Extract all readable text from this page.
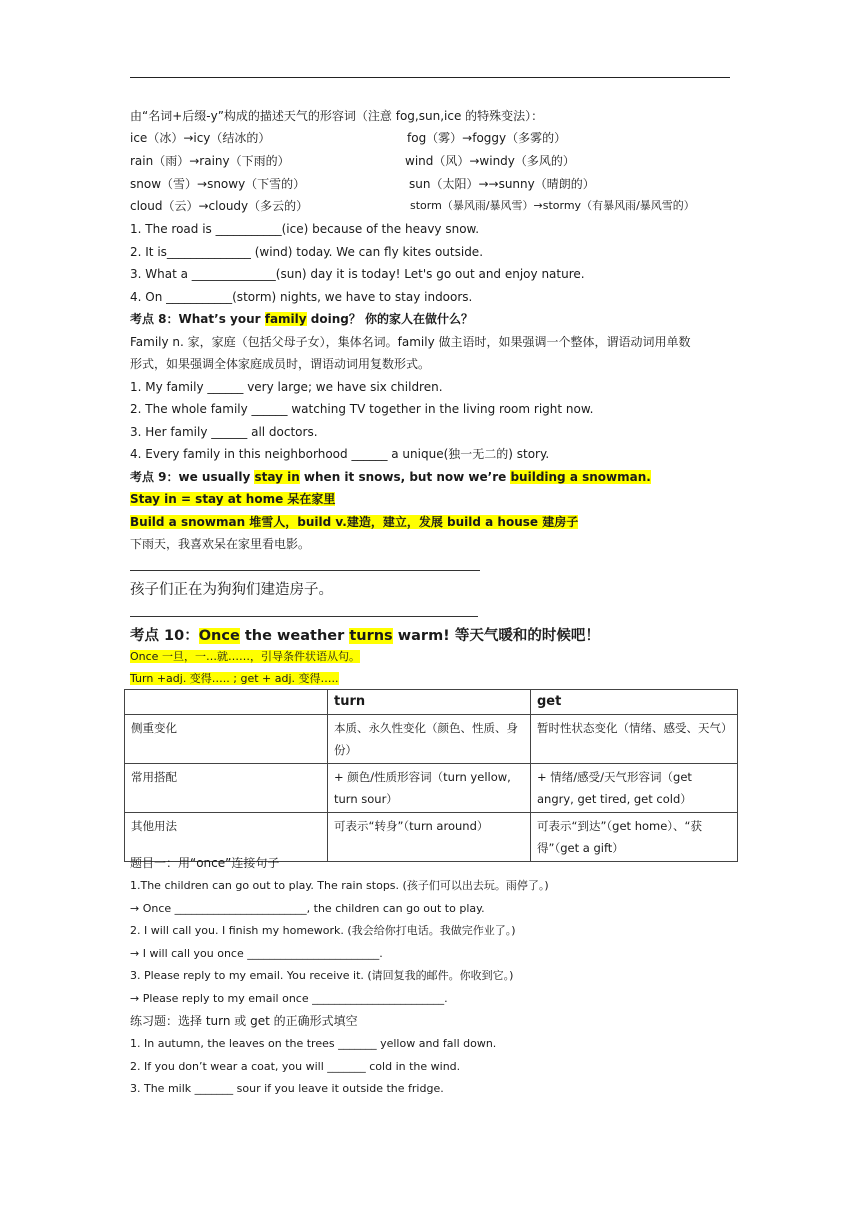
由“名词+后缀-y”构成的描述天气的形容词（注意 fog,sun,ice 的特殊变法）：
ice（冰）→icy（结冰的）	fog（雾）→foggy（多雾的）
rain（雨）→rainy（下雨的）	wind（风）→windy（多风的）
snow（雪）→snowy（下雪的）	sun（太阳）→→sunny（晴朗的）
cloud（云）→cloudy（多云的）	storm（暴风雨/暴风雪）→stormy（有暴风雨/暴风雪的）
1. The road is ___________(ice) because of the heavy snow.
2. It is______________ (wind) today. We can fly kites outside.
3. What a ______________(sun) day it is today! Let's go out and enjoy nature.
4. On ___________(storm) nights, we have to stay indoors.
考点 8：What’s your family doing？ 你的家人在做什么？
Family n. 家，家庭（包括父母子女），集体名词。family 做主语时，如果强调一个整体，谓语动词用单数
形式，如果强调全体家庭成员时，谓语动词用复数形式。
1. My family ______ very large; we have six children.
2. The whole family ______ watching TV together in the living room right now.
3. Her family ______ all doctors.
4. Every family in this neighborhood ______ a unique(独一无二的) story.
考点 9：we usually stay in when it snows, but now we’re building a snowman.
Stay in = stay at home 呆在家里
Build a snowman 堆雪人，build v.建造，建立，发展 build a house 建房子
下雨天，我喜欢呆在家里看电影。
孩子们正在为狗狗们建造房子。
考点 10：Once the weather turns warm! 等天气暖和的时候吧！
Once 一旦，一…就……，引导条件状语从句。
Turn +adj. 变得….. ; get + adj. 变得…..
	turn	get
侧重变化	本质、永久性变化（颜色、性质、身份）	暂时性状态变化（情绪、感受、天气）
常用搭配	+ 颜色/性质形容词（turn yellow, turn sour）	+ 情绪/感受/天气形容词（get angry, get tired, get cold）
其他用法	可表示“转身”（turn around）	可表示“到达”（get home）、“获得”（get a gift）
题目一：用“once”连接句子
1.The children can go out to play. The rain stops. (孩子们可以出去玩。雨停了。)
→ Once ________________________, the children can go out to play.
2. I will call you. I finish my homework. (我会给你打电话。我做完作业了。)
→ I will call you once ________________________.
3. Please reply to my email. You receive it. (请回复我的邮件。你收到它。)
→ Please reply to my email once ________________________.
练习题：选择 turn 或 get 的正确形式填空
1. In autumn, the leaves on the trees _______ yellow and fall down.
2. If you don’t wear a coat, you will _______ cold in the wind.
3. The milk _______ sour if you leave it outside the fridge.
